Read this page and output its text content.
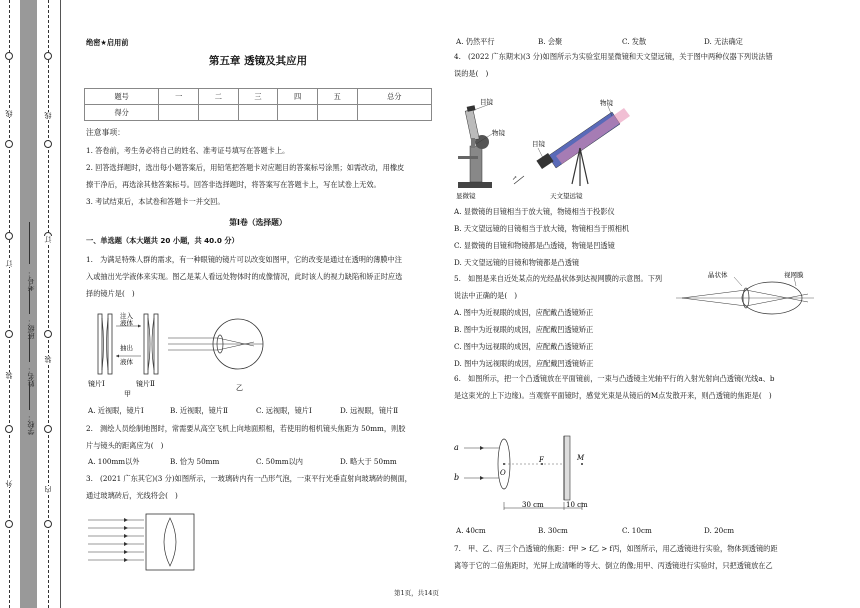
线
订
装
外
线
订
装
内
考号：
班级：
姓名：
学校：
绝密★启用前
第五章 透镜及其应用
题号	一	二	三	四	五	总分
得分						
注意事项：
1. 答卷前，考生务必将自己的姓名、准考证号填写在答题卡上。
2. 回答选择题时，选出每小题答案后，用铅笔把答题卡对应题目的答案标号涂黑；如需改动，用橡皮
擦干净后，再选涂其他答案标号。回答非选择题时，将答案写在答题卡上，写在试卷上无效。
3. 考试结束后，本试卷和答题卡一并交回。
第Ⅰ卷（选择题）
一、单选题（本大题共 20 小题，共 40.0 分）
1.　为满足特殊人群的需求，有一种眼镜的镜片可以改变如图甲，它的改变是通过在透明的薄膜中注
入或抽出光学液体来实现。图乙是某人看远处物体时的成像情况，此时该人的视力缺陷和矫正时应选
择的镜片是(　)
注入
液体
抽出
液体
镜片Ⅰ	镜片Ⅱ
甲
乙
A. 近视眼，镜片Ⅰ	B. 近视眼，镜片Ⅱ	C. 远视眼，镜片Ⅰ	D. 远视眼，镜片Ⅱ
2.　测绘人员绘制地图时，常需要从高空飞机上向地面照相，若使用的相机镜头焦距为 50mm，则胶
片与镜头的距离应为(　)
A. 100mm以外	B. 恰为 50mm	C. 50mm以内	D. 略大于 50mm
3.　(2021 广东其它)(3 分)如图所示，一玻璃砖内有一凸形气泡，一束平行光垂直射向玻璃砖的侧面，
通过玻璃砖后，光线将会(　)
A. 仍然平行	B. 会聚	C. 发散	D. 无法确定
4.　(2022 广东期末)(3 分)如图所示为实验室用显微镜和天文望远镜，关于图中两种仪器下列说法错
误的是(　)
目镜
物镜
显微镜
↗
物镜
目镜
天文望远镜
A. 显微镜的目镜相当于放大镜，物镜相当于投影仪
B. 天文望远镜的目镜相当于放大镜，物镜相当于照相机
C. 显微镜的目镜和物镜都是凸透镜，物镜是凹透镜
D. 天文望远镜的目镜和物镜都是凸透镜
5.　如图是来自近处某点的光经晶状体到达视网膜的示意图。下列
说法中正确的是(　)
晶状体	视网膜
A. 图中为近视眼的成因，应配戴凸透镜矫正
B. 图中为近视眼的成因，应配戴凹透镜矫正
C. 图中为远视眼的成因，应配戴凸透镜矫正
D. 图中为远视眼的成因，应配戴凹透镜矫正
6.　如图所示，把一个凸透镜放在平面镜前，一束与凸透镜主光轴平行的入射光射向凸透镜(光线a、b
是这束光的上下边缘)。当观察平面镜时，感觉光束是从镜后的M点发散开来，则凸透镜的焦距是(　)
a
b	O
F	M
30 cm	10 cm
A. 40cm	B. 30cm	C. 10cm	D. 20cm
7.　甲、乙、丙三个凸透镜的焦距：f甲 > f乙 > f丙，如图所示，用乙透镜进行实验，物体到透镜的距
离等于它的二倍焦距时，光屏上成清晰的等大、倒立的像;用甲、丙透镜进行实验时，只把透镜放在乙
第1页，共14页
